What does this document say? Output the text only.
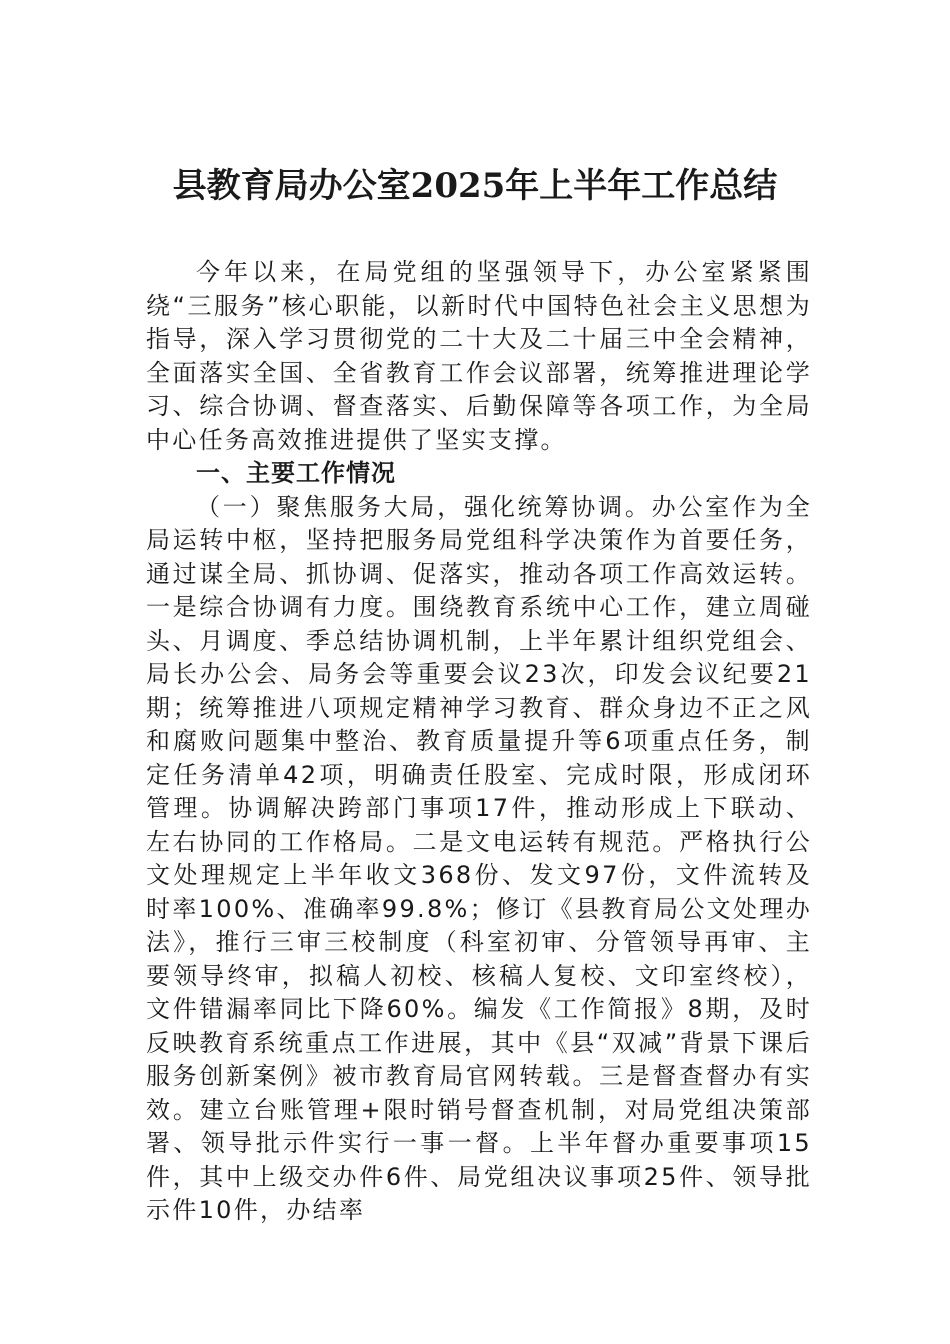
县教育局办公室2025年上半年工作总结

今年以来，在局党组的坚强领导下，办公室紧紧围绕“三服务”核心职能，以新时代中国特色社会主义思想为指导，深入学习贯彻党的二十大及二十届三中全会精神，全面落实全国、全省教育工作会议部署，统筹推进理论学习、综合协调、督查落实、后勤保障等各项工作，为全局中心任务高效推进提供了坚实支撑。

一、主要工作情况

（一）聚焦服务大局，强化统筹协调。办公室作为全局运转中枢，坚持把服务局党组科学决策作为首要任务，通过谋全局、抓协调、促落实，推动各项工作高效运转。一是综合协调有力度。围绕教育系统中心工作，建立周碰头、月调度、季总结协调机制，上半年累计组织党组会、局长办公会、局务会等重要会议23次，印发会议纪要21期；统筹推进八项规定精神学习教育、群众身边不正之风和腐败问题集中整治、教育质量提升等6项重点任务，制定任务清单42项，明确责任股室、完成时限，形成闭环管理。协调解决跨部门事项17件，推动形成上下联动、左右协同的工作格局。二是文电运转有规范。严格执行公文处理规定上半年收文368份、发文97份，文件流转及时率100%、准确率99.8%；修订《县教育局公文处理办法》，推行三审三校制度（科室初审、分管领导再审、主要领导终审，拟稿人初校、核稿人复校、文印室终校），文件错漏率同比下降60%。编发《工作简报》8期，及时反映教育系统重点工作进展，其中《县“双减”背景下课后服务创新案例》被市教育局官网转载。三是督查督办有实效。建立台账管理+限时销号督查机制，对局党组决策部署、领导批示件实行一事一督。上半年督办重要事项15件，其中上级交办件6件、局党组决议事项25件、领导批示件10件，办结率
